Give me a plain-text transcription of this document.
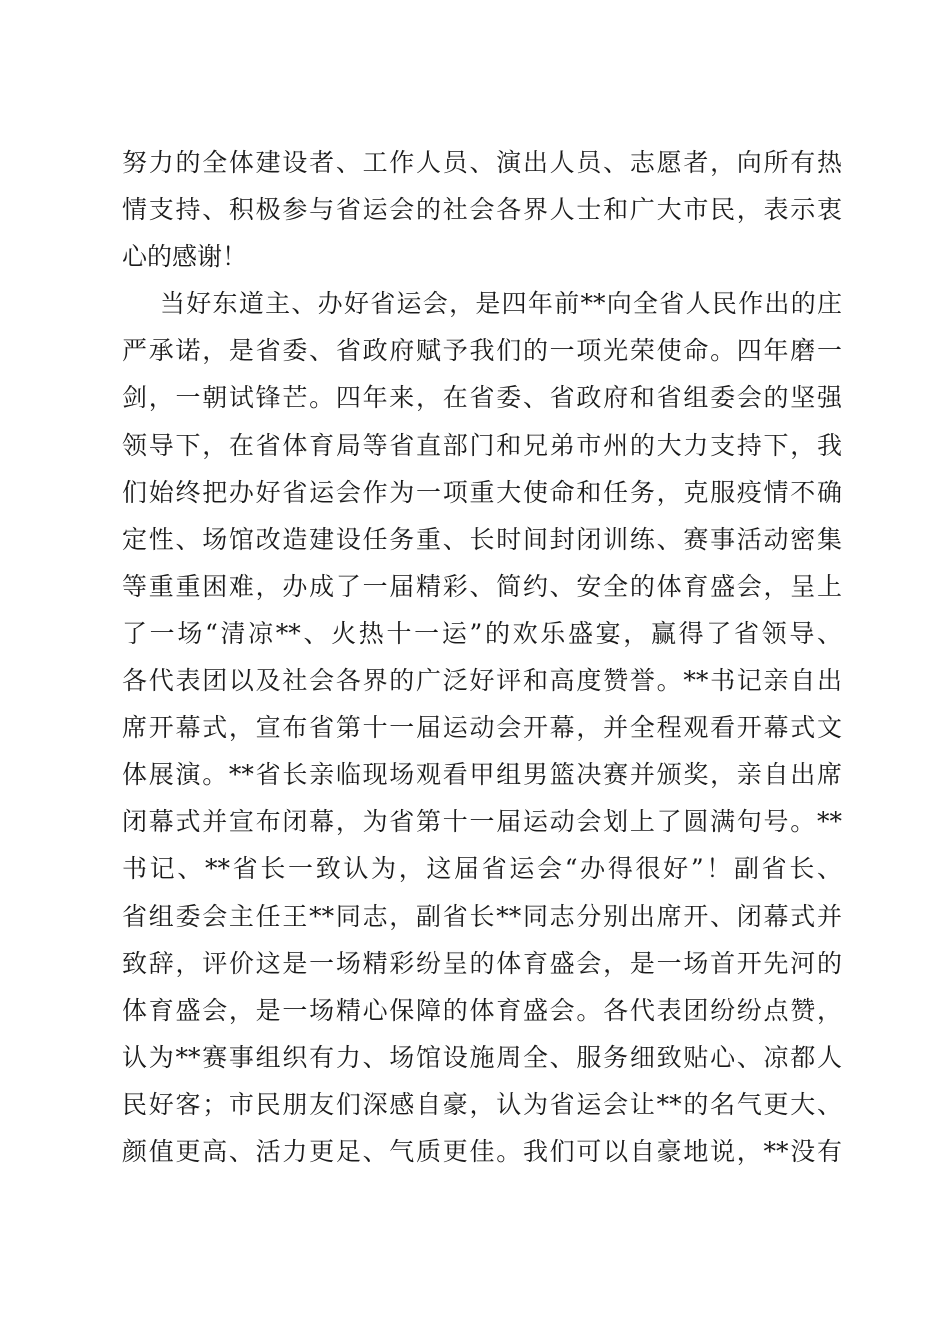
努力的全体建设者、工作人员、演出人员、志愿者，向所有热
情支持、积极参与省运会的社会各界人士和广大市民，表示衷
心的感谢！
当好东道主、办好省运会，是四年前**向全省人民作出的庄
严承诺，是省委、省政府赋予我们的一项光荣使命。四年磨一
剑，一朝试锋芒。四年来，在省委、省政府和省组委会的坚强
领导下，在省体育局等省直部门和兄弟市州的大力支持下，我
们始终把办好省运会作为一项重大使命和任务，克服疫情不确
定性、场馆改造建设任务重、长时间封闭训练、赛事活动密集
等重重困难，办成了一届精彩、简约、安全的体育盛会，呈上
了一场“清凉**、火热十一运”的欢乐盛宴，赢得了省领导、
各代表团以及社会各界的广泛好评和高度赞誉。**书记亲自出
席开幕式，宣布省第十一届运动会开幕，并全程观看开幕式文
体展演。**省长亲临现场观看甲组男篮决赛并颁奖，亲自出席
闭幕式并宣布闭幕，为省第十一届运动会划上了圆满句号。**
书记、**省长一致认为，这届省运会“办得很好”！副省长、
省组委会主任王**同志，副省长**同志分别出席开、闭幕式并
致辞，评价这是一场精彩纷呈的体育盛会，是一场首开先河的
体育盛会，是一场精心保障的体育盛会。各代表团纷纷点赞，
认为**赛事组织有力、场馆设施周全、服务细致贴心、凉都人
民好客；市民朋友们深感自豪，认为省运会让**的名气更大、
颜值更高、活力更足、气质更佳。我们可以自豪地说，**没有
